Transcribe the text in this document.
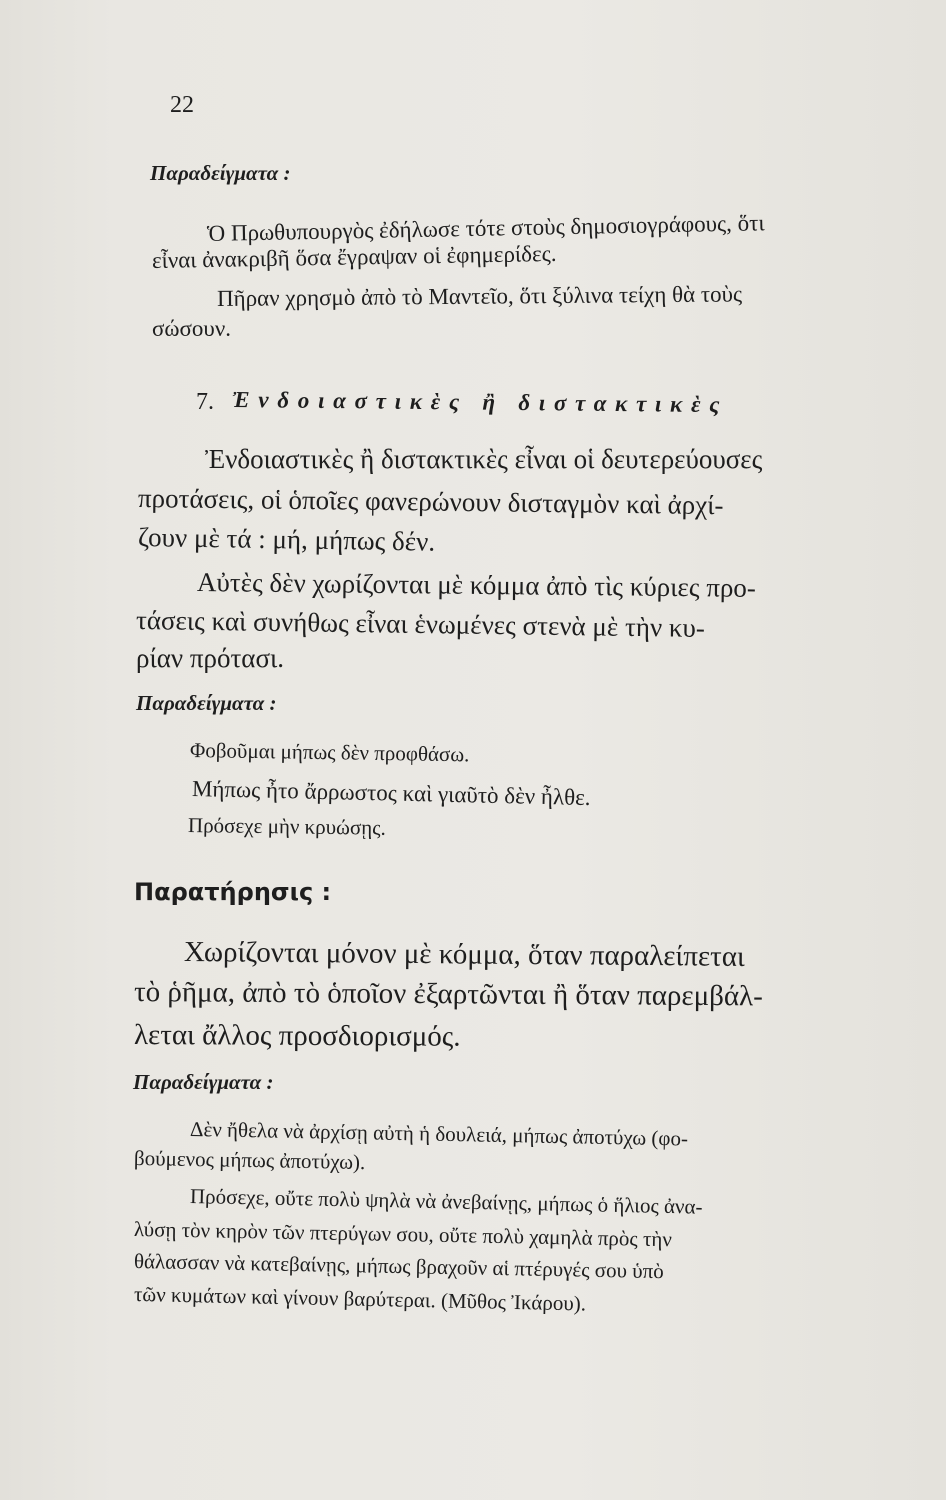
22
Παραδείγματα :
Ὁ Πρωθυπουργὸς ἐδήλωσε τότε στοὺς δημοσιογράφους, ὅτι
εἶναι ἀνακριβῆ ὅσα ἔγραψαν οἱ ἐφημερίδες.
Πῆραν χρησμὸ ἀπὸ τὸ Μαντεῖο, ὅτι ξύλινα τείχη θὰ τοὺς
σώσουν.
7. Ἐνδοιαστικὲς ἢ διστακτικὲς
Ἐνδοιαστικὲς ἢ διστακτικὲς εἶναι οἱ δευτερεύουσες
προτάσεις, οἱ ὁποῖες φανερώνουν δισταγμὸν καὶ ἀρχί-
ζουν μὲ τά : μή, μήπως δέν.
Αὐτὲς δὲν χωρίζονται μὲ κόμμα ἀπὸ τὶς κύριες προ-
τάσεις καὶ συνήθως εἶναι ἑνωμένες στενὰ μὲ τὴν κυ-
ρίαν πρότασι.
Παραδείγματα :
Φοβοῦμαι μήπως δὲν προφθάσω.
Μήπως ἦτο ἄρρωστος καὶ γιαῦτὸ δὲν ἦλθε.
Πρόσεχε μὴν κρυώσῃς.
Παρατήρησις :
Χωρίζονται μόνον μὲ κόμμα, ὅταν παραλείπεται
τὸ ῥῆμα, ἀπὸ τὸ ὁποῖον ἐξαρτῶνται ἢ ὅταν παρεμβάλ-
λεται ἄλλος προσδιορισμός.
Παραδείγματα :
Δὲν ἤθελα νὰ ἀρχίσῃ αὐτὴ ἡ δουλειά, μήπως ἀποτύχω (φο-
βούμενος μήπως ἀποτύχω).
Πρόσεχε, οὔτε πολὺ ψηλὰ νὰ ἀνεβαίνῃς, μήπως ὁ ἥλιος ἀνα-
λύσῃ τὸν κηρὸν τῶν πτερύγων σου, οὔτε πολὺ χαμηλὰ πρὸς τὴν
θάλασσαν νὰ κατεβαίνῃς, μήπως βραχοῦν αἱ πτέρυγές σου ὑπὸ
τῶν κυμάτων καὶ γίνουν βαρύτεραι. (Μῦθος Ἰκάρου).
